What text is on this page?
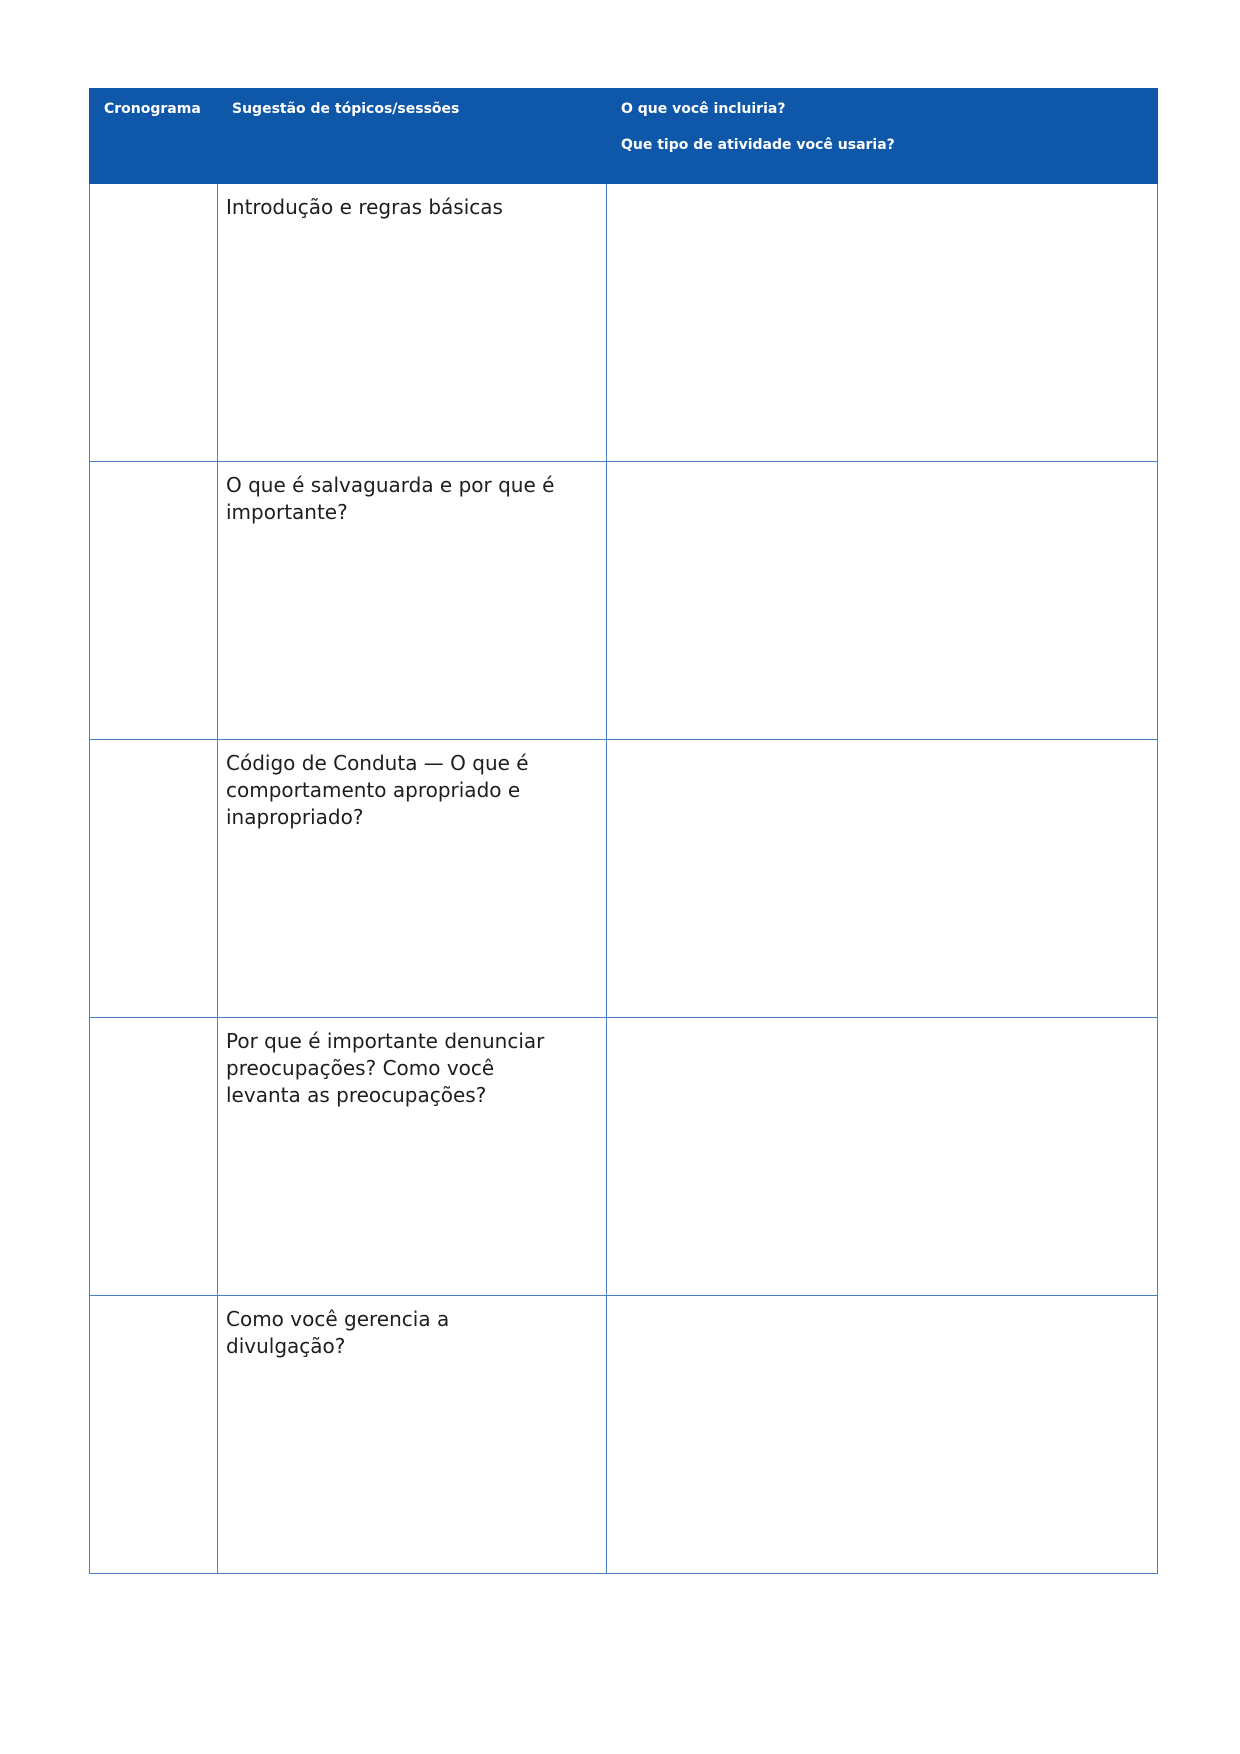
Cronograma	Sugestão de tópicos/sessões	O que você incluiria?

Que tipo de atividade você usaria?

	Introdução e regras básicas	

	O que é salvaguarda e por que é importante?	

	Código de Conduta — O que é comportamento apropriado e inapropriado?	

	Por que é importante denunciar preocupações? Como você levanta as preocupações?	

	Como você gerencia a divulgação?	
